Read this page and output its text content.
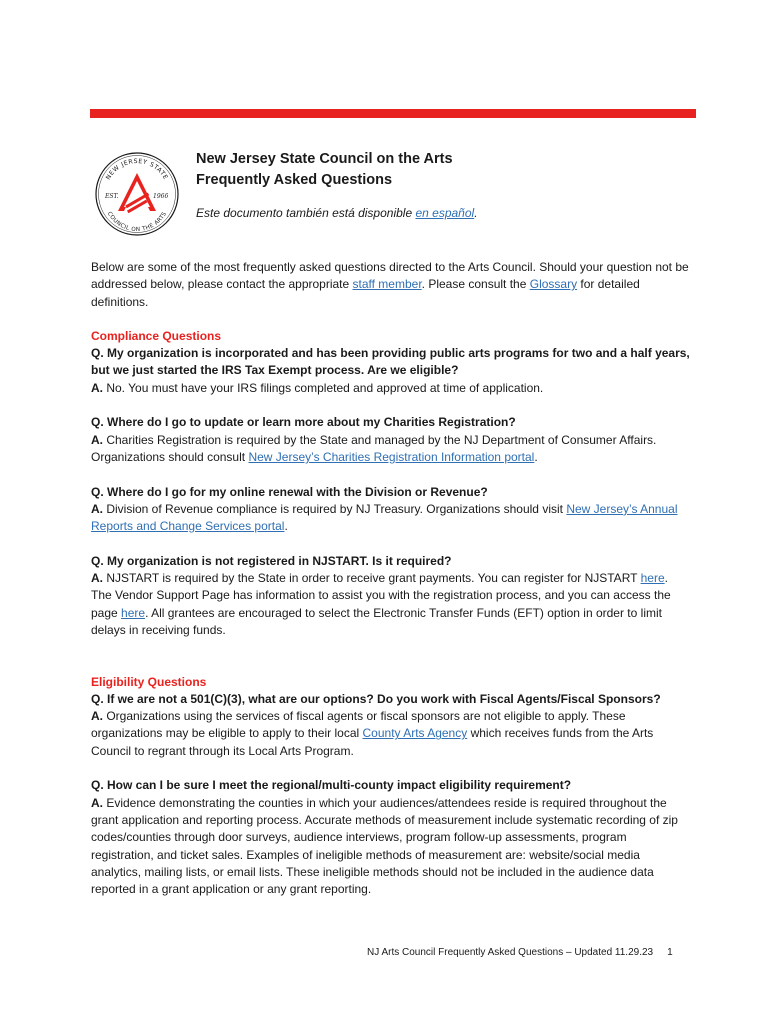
NEW JERSEY STATE
COUNCIL ON THE ARTS
EST.	1966
New Jersey State Council on the Arts
Frequently Asked Questions
Este documento también está disponible en español.

Below are some of the most frequently asked questions directed to the Arts Council. Should your question not be addressed below, please contact the appropriate staff member. Please consult the Glossary for detailed definitions.

Compliance Questions

Q. My organization is incorporated and has been providing public arts programs for two and a half years, but we just started the IRS Tax Exempt process. Are we eligible?

A. No. You must have your IRS filings completed and approved at time of application.

Q. Where do I go to update or learn more about my Charities Registration?

A. Charities Registration is required by the State and managed by the NJ Department of Consumer Affairs. Organizations should consult New Jersey’s Charities Registration Information portal.

Q. Where do I go for my online renewal with the Division or Revenue?

A. Division of Revenue compliance is required by NJ Treasury. Organizations should visit New Jersey’s Annual Reports and Change Services portal.

Q. My organization is not registered in NJSTART. Is it required?

A. NJSTART is required by the State in order to receive grant payments. You can register for NJSTART here. The Vendor Support Page has information to assist you with the registration process, and you can access the page here. All grantees are encouraged to select the Electronic Transfer Funds (EFT) option in order to limit delays in receiving funds.

Eligibility Questions

Q. If we are not a 501(C)(3), what are our options? Do you work with Fiscal Agents/Fiscal Sponsors?

A. Organizations using the services of fiscal agents or fiscal sponsors are not eligible to apply. These organizations may be eligible to apply to their local County Arts Agency which receives funds from the Arts Council to regrant through its Local Arts Program.

Q. How can I be sure I meet the regional/multi-county impact eligibility requirement?

A. Evidence demonstrating the counties in which your audiences/attendees reside is required throughout the grant application and reporting process. Accurate methods of measurement include systematic recording of zip codes/counties through door surveys, audience interviews, program follow-up assessments, program registration, and ticket sales. Examples of ineligible methods of measurement are: website/social media analytics, mailing lists, or email lists. These ineligible methods should not be included in the audience data reported in a grant application or any grant reporting.

NJ Arts Council Frequently Asked Questions – Updated 11.29.23 1
